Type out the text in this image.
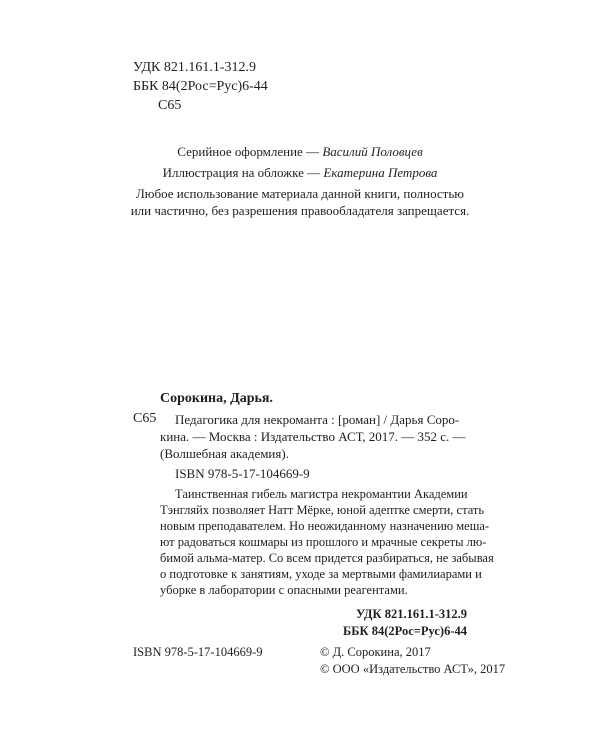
УДК 821.161.1-312.9
ББК 84(2Рос=Рус)6-44
С65
Серийное оформление — Василий Половцев
Иллюстрация на обложке — Екатерина Петрова
Любое использование материала данной книги, полностью
или частично, без разрешения правообладателя запрещается.
Сорокина, Дарья.
С65 Педагогика для некроманта : [роман] / Дарья Соро-
кина. — Москва : Издательство АСТ, 2017. — 352 с. —
(Волшебная академия).
ISBN 978-5-17-104669-9
Таинственная гибель магистра некромантии Академии
Тэнгляйх позволяет Натт Мёрке, юной адептке смерти, стать
новым преподавателем. Но неожиданному назначению меша-
ют радоваться кошмары из прошлого и мрачные секреты лю-
бимой альма-матер. Со всем придется разбираться, не забывая
о подготовке к занятиям, уходе за мертвыми фамилиарами и
уборке в лаборатории с опасными реагентами.
УДК 821.161.1-312.9
ББК 84(2Рос=Рус)6-44
ISBN 978-5-17-104669-9	© Д. Сорокина, 2017
© ООО «Издательство АСТ», 2017
